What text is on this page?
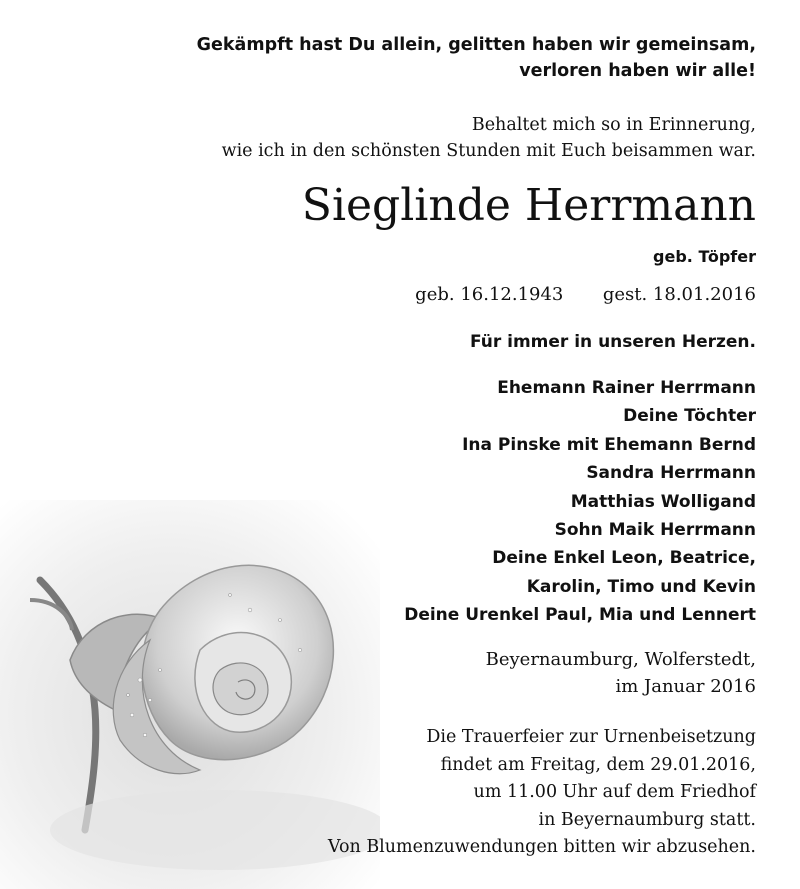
Gekämpft hast Du allein, gelitten haben wir gemeinsam,
verloren haben wir alle!
Behaltet mich so in Erinnerung,
wie ich in den schönsten Stunden mit Euch beisammen war.
Sieglinde Herrmann
geb. Töpfer
geb. 16.12.1943 gest. 18.01.2016
Für immer in unseren Herzen.
Ehemann Rainer Herrmann
Deine Töchter
Ina Pinske mit Ehemann Bernd
Sandra Herrmann
Matthias Wolligand
Sohn Maik Herrmann
Deine Enkel Leon, Beatrice,
Karolin, Timo und Kevin
Deine Urenkel Paul, Mia und Lennert
Beyernaumburg, Wolferstedt,
im Januar 2016
Die Trauerfeier zur Urnenbeisetzung
findet am Freitag, dem 29.01.2016,
um 11.00 Uhr auf dem Friedhof
in Beyernaumburg statt.
Von Blumenzuwendungen bitten wir abzusehen.
